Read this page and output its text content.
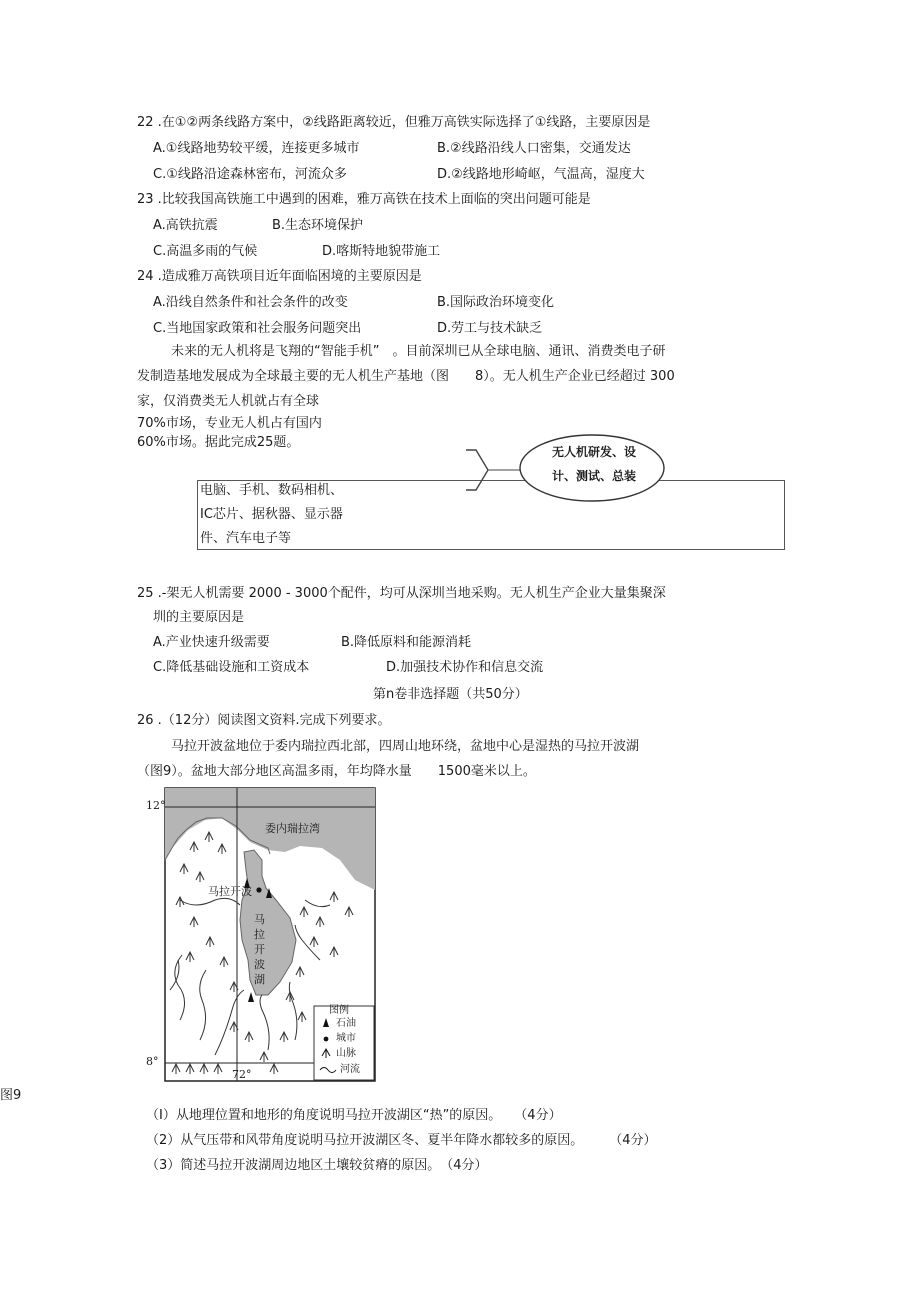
22 .在①②两条线路方案中，②线路距离较近，但雅万高铁实际选择了①线路，主要原因是
A.①线路地势较平缓，连接更多城市	B.②线路沿线人口密集，交通发达
C.①线路沿途森林密布，河流众多	D.②线路地形崎岖，气温高，湿度大
23 .比较我国高铁施工中遇到的困难，雅万高铁在技术上面临的突出问题可能是
A.高铁抗震	B.生态环境保护
C.高温多雨的气候	D.喀斯特地貌带施工
24 .造成雅万高铁项目近年面临困境的主要原因是
A.沿线自然条件和社会条件的改变	B.国际政治环境变化
C.当地国家政策和社会服务问题突出	D.劳工与技术缺乏
未来的无人机将是飞翔的“智能手机”　。目前深圳已从全球电脑、通讯、消费类电子研
发制造基地发展成为全球最主要的无人机生产基地（图　　8）。无人机生产企业已经超过 300
家，仅消费类无人机就占有全球
70%市场，专业无人机占有国内
60%市场。据此完成25题。
电脑、手机、数码相机、
IC芯片、据秋器、显示器
件、汽车电子等
无人机研发、设
计、测试、总装
25 .-架无人机需要 2000 - 3000个配件，均可从深圳当地采购。无人机生产企业大量集聚深
圳的主要原因是
A.产业快速升级需要	B.降低原料和能源消耗
C.降低基础设施和工资成本	D.加强技术协作和信息交流
第n卷非选择题（共50分）
26 .（12分）阅读图文资料.完成下列要求。
马拉开波盆地位于委内瑞拉西北部，四周山地环绕，盆地中心是湿热的马拉开波湖
（图9）。盆地大部分地区高温多雨，年均降水量　　1500毫米以上。
12°
8°
72°
委内瑞拉湾
马拉开波
马
拉
开
波
湖
图例
石油
城市
山脉
河流
图9
（I）从地理位置和地形的角度说明马拉开波湖区“热”的原因。　　（4分）
（2）从气压带和风带角度说明马拉开波湖区冬、夏半年降水都较多的原因。　　　（4分）
（3）简述马拉开波湖周边地区土壤较贫瘠的原因。　（4分）
